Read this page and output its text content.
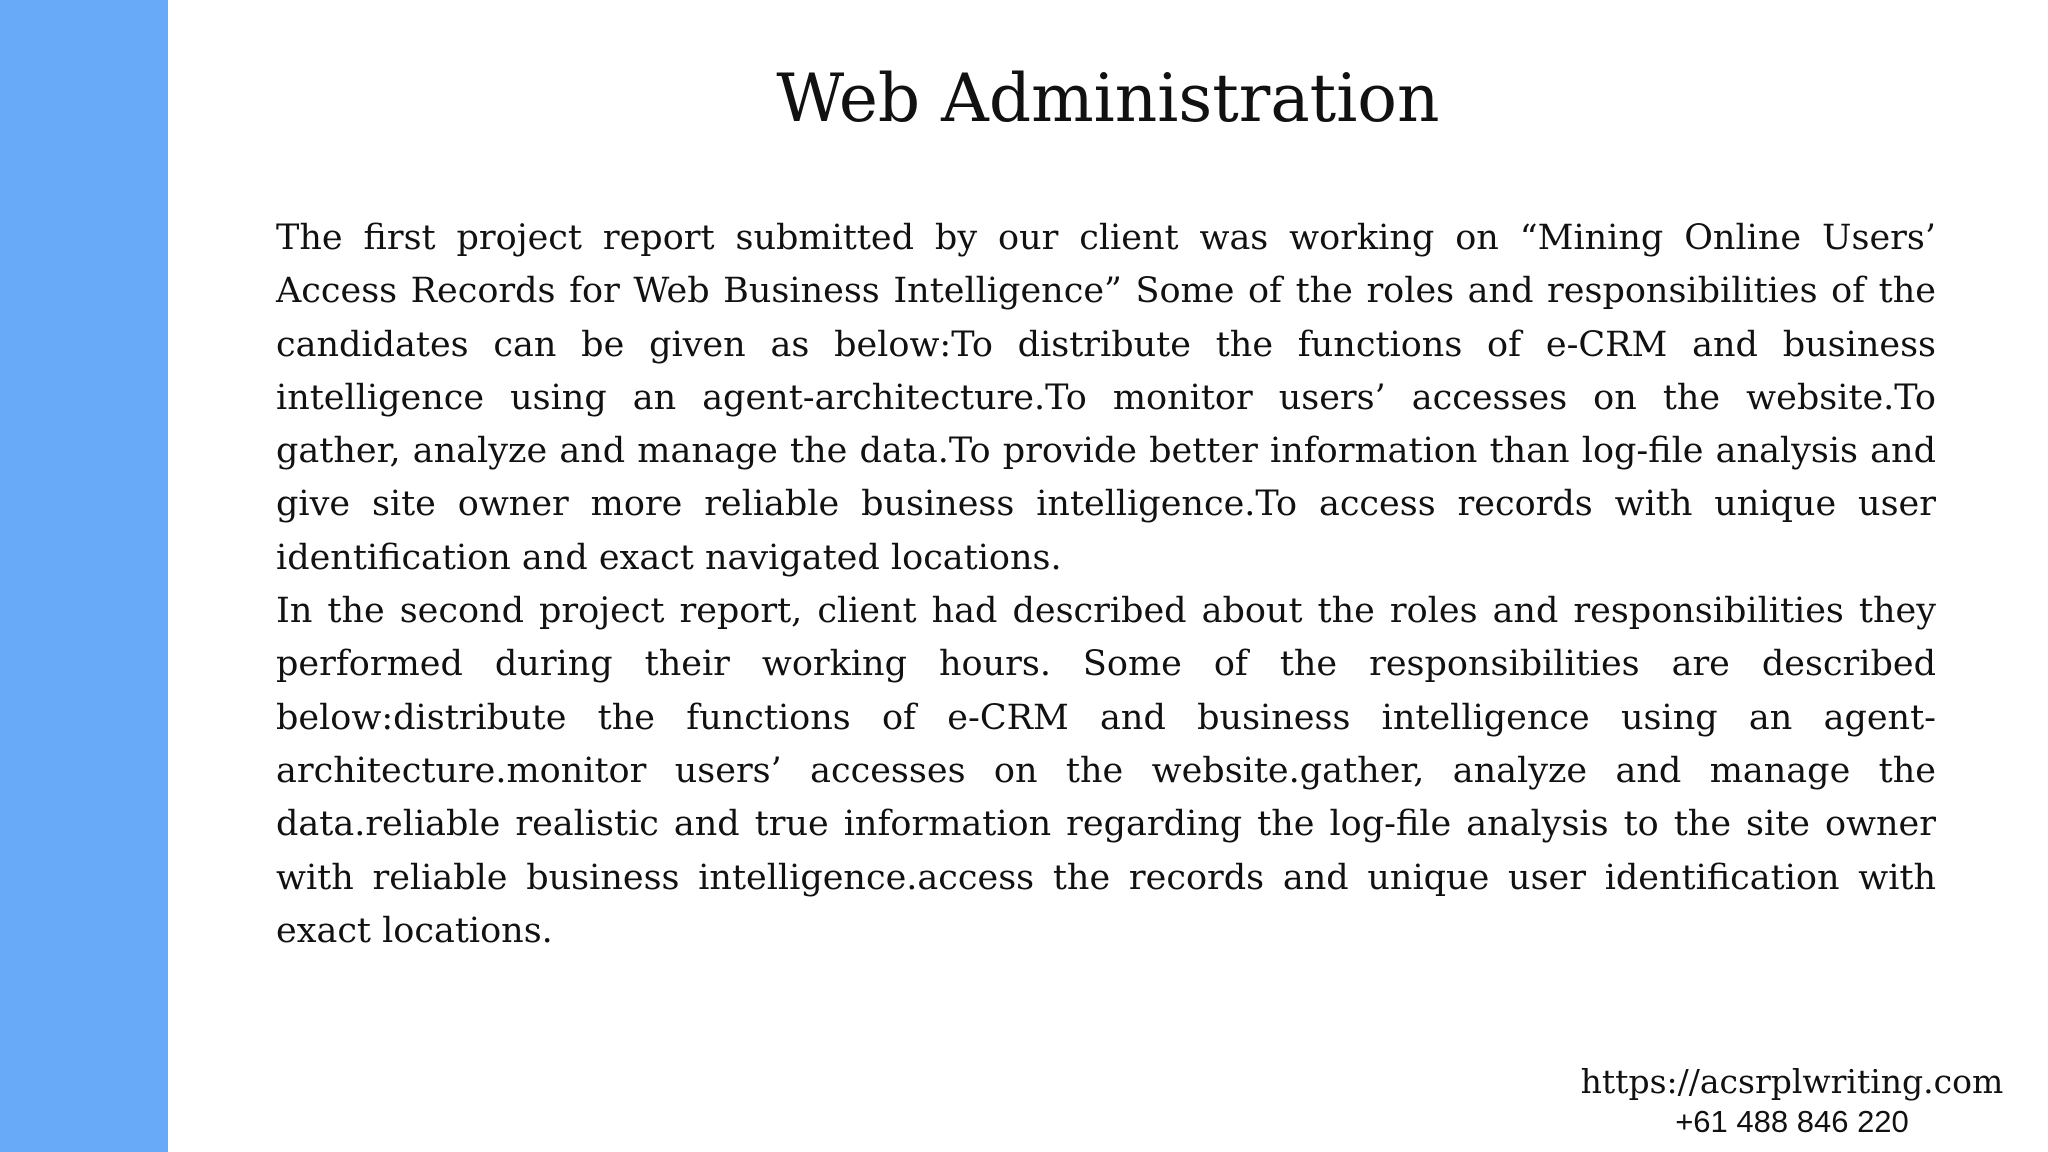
Web Administration

The first project report submitted by our client was working on “Mining Online Users’ Access Records for Web Business Intelligence” Some of the roles and responsibilities of the candidates can be given as below:To distribute the functions of e-CRM and business intelligence using an agent-architecture.To monitor users’ accesses on the website.To gather, analyze and manage the data.To provide better information than log-file analysis and give site owner more reliable business intelligence.To access records with unique user identification and exact navigated locations.

In the second project report, client had described about the roles and responsibilities they performed during their working hours. Some of the responsibilities are described below:distribute the functions of e-CRM and business intelligence using an agent-architecture.monitor users’ accesses on the website.gather, analyze and manage the data.reliable realistic and true information regarding the log-file analysis to the site owner with reliable business intelligence.access the records and unique user identification with exact locations.

https://acsrplwriting.com
+61 488 846 220
